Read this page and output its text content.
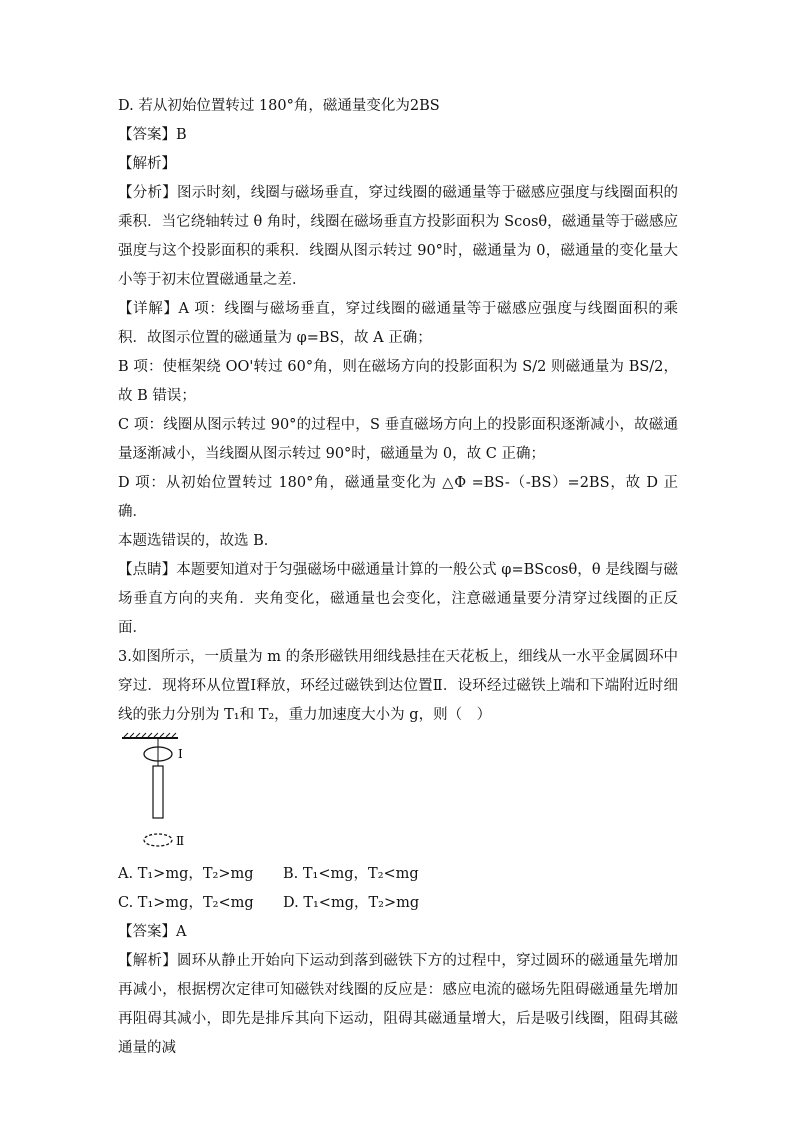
D. 若从初始位置转过 180°角，磁通量变化为2BS

【答案】B

【解析】

【分析】图示时刻，线圈与磁场垂直，穿过线圈的磁通量等于磁感应强度与线圈面积的乘积．当它绕轴转过 θ 角时，线圈在磁场垂直方投影面积为 Scosθ，磁通量等于磁感应强度与这个投影面积的乘积．线圈从图示转过 90°时，磁通量为 0，磁通量的变化量大小等于初末位置磁通量之差．

【详解】A 项：线圈与磁场垂直，穿过线圈的磁通量等于磁感应强度与线圈面积的乘积．故图示位置的磁通量为 φ=BS，故 A 正确；

B 项：使框架绕 OO'转过 60°角，则在磁场方向的投影面积为 S/2 则磁通量为 BS/2，故 B 错误；

C 项：线圈从图示转过 90°的过程中，S 垂直磁场方向上的投影面积逐渐减小，故磁通量逐渐减小，当线圈从图示转过 90°时，磁通量为 0，故 C 正确；

D 项：从初始位置转过 180°角，磁通量变化为 △Φ =BS-（-BS）=2BS，故 D 正确．

本题选错误的，故选 B．

【点睛】本题要知道对于匀强磁场中磁通量计算的一般公式 φ=BScosθ，θ 是线圈与磁场垂直方向的夹角．夹角变化，磁通量也会变化，注意磁通量要分清穿过线圈的正反面．

3.如图所示，一质量为 m 的条形磁铁用细线悬挂在天花板上，细线从一水平金属圆环中穿过．现将环从位置Ⅰ释放，环经过磁铁到达位置Ⅱ．设环经过磁铁上端和下端附近时细线的张力分别为 T₁和 T₂，重力加速度大小为 g，则（　）

Ⅰ
Ⅱ
A. T₁>mg，T₂>mg	B. T₁<mg，T₂<mg
C. T₁>mg，T₂<mg	D. T₁<mg，T₂>mg

【答案】A

【解析】圆环从静止开始向下运动到落到磁铁下方的过程中，穿过圆环的磁通量先增加再减小，根据楞次定律可知磁铁对线圈的反应是：感应电流的磁场先阻碍磁通量先增加再阻碍其减小，即先是排斥其向下运动，阻碍其磁通量增大，后是吸引线圈，阻碍其磁通量的减
